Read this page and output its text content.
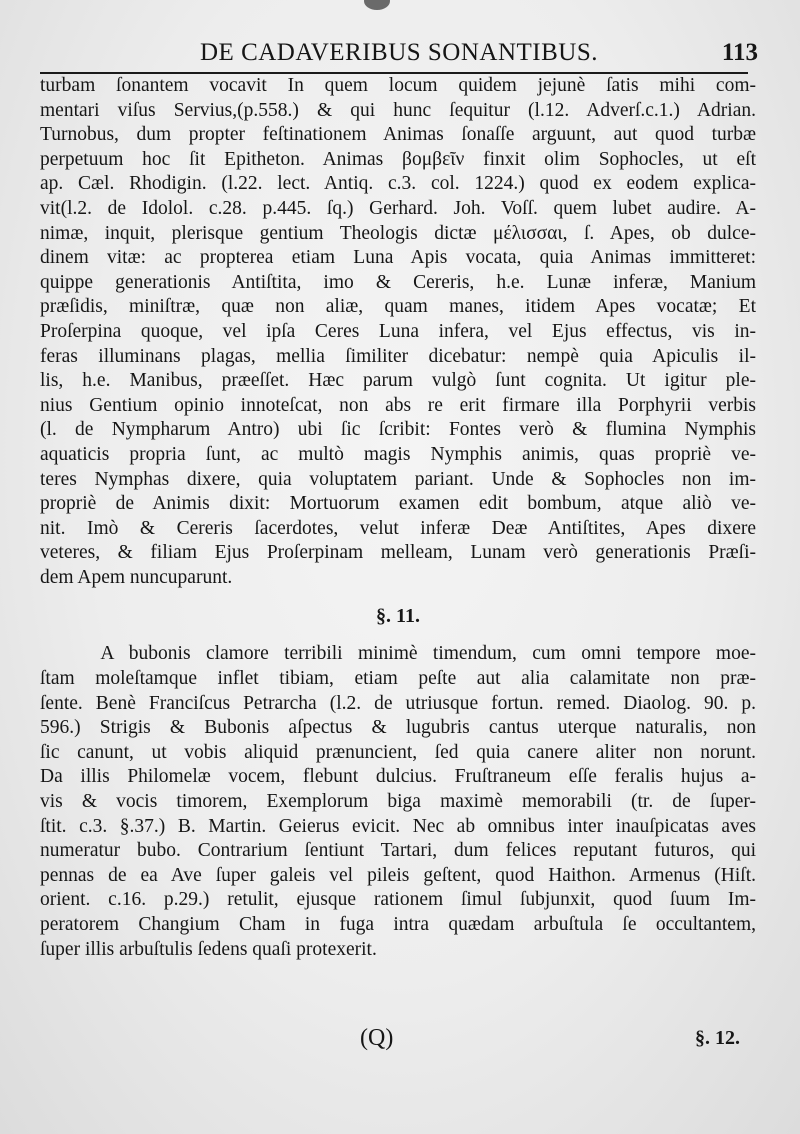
DE CADAVERIBUS SONANTIBUS.	113
turbam ſonantem vocavit In quem locum quidem jejunè ſatis mihi com-
mentari viſus Servius,(p.558.) & qui hunc ſequitur (l.12. Adverſ.c.1.) Adrian.
Turnobus, dum propter feſtinationem Animas ſonaſſe arguunt, aut quod turbæ
perpetuum hoc ſit Epitheton. Animas βομβεῖν finxit olim Sophocles, ut eſt
ap. Cæl. Rhodigin. (l.22. lect. Antiq. c.3. col. 1224.) quod ex eodem explica-
vit(l.2. de Idolol. c.28. p.445. ſq.) Gerhard. Joh. Voſſ. quem lubet audire. A-
nimæ, inquit, plerisque gentium Theologis dictæ μέλισσαι, ſ. Apes, ob dulce-
dinem vitæ: ac propterea etiam Luna Apis vocata, quia Animas immitteret:
quippe generationis Antiſtita, imo & Cereris, h.e. Lunæ inferæ, Manium
præſidis, miniſtræ, quæ non aliæ, quam manes, itidem Apes vocatæ; Et
Proſerpina quoque, vel ipſa Ceres Luna infera, vel Ejus effectus, vis in-
feras illuminans plagas, mellia ſimiliter dicebatur: nempè quia Apiculis il-
lis, h.e. Manibus, præeſſet. Hæc parum vulgò ſunt cognita. Ut igitur ple-
nius Gentium opinio innoteſcat, non abs re erit firmare illa Porphyrii verbis
(l. de Nympharum Antro) ubi ſic ſcribit: Fontes verò & flumina Nymphis
aquaticis propria ſunt, ac multò magis Nymphis animis, quas propriè ve-
teres Nymphas dixere, quia voluptatem pariant. Unde & Sophocles non im-
propriè de Animis dixit: Mortuorum examen edit bombum, atque aliò ve-
nit. Imò & Cereris ſacerdotes, velut inferæ Deæ Antiſtites, Apes dixere
veteres, & filiam Ejus Proſerpinam melleam, Lunam verò generationis Præſi-
dem Apem nuncuparunt.
§. 11.
A bubonis clamore terribili minimè timendum, cum omni tempore moe-
ſtam moleſtamque inflet tibiam, etiam peſte aut alia calamitate non præ-
ſente. Benè Franciſcus Petrarcha (l.2. de utriusque fortun. remed. Diaolog. 90. p.
596.) Strigis & Bubonis aſpectus & lugubris cantus uterque naturalis, non
ſic canunt, ut vobis aliquid prænuncient, ſed quia canere aliter non norunt.
Da illis Philomelæ vocem, flebunt dulcius. Fruſtraneum eſſe feralis hujus a-
vis & vocis timorem, Exemplorum biga maximè memorabili (tr. de ſuper-
ſtit. c.3. §.37.) B. Martin. Geierus evicit. Nec ab omnibus inter inauſpicatas aves
numeratur bubo. Contrarium ſentiunt Tartari, dum felices reputant futuros, qui
pennas de ea Ave ſuper galeis vel pileis geſtent, quod Haithon. Armenus (Hiſt.
orient. c.16. p.29.) retulit, ejusque rationem ſimul ſubjunxit, quod ſuum Im-
peratorem Changium Cham in fuga intra quædam arbuſtula ſe occultantem,
ſuper illis arbuſtulis ſedens quaſi protexerit.
(Q)	§. 12.
